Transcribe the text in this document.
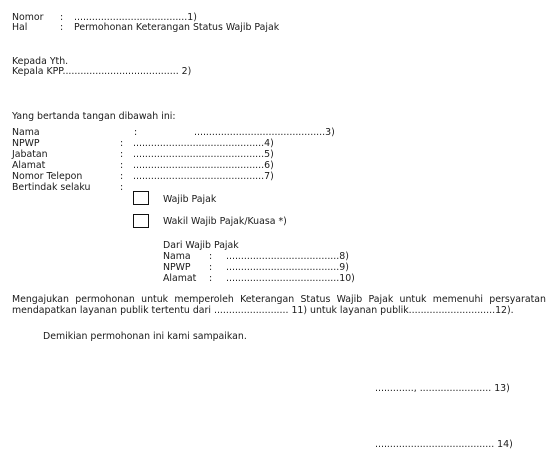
Nomor : ......................................1)
Hal	: Permohonan Keterangan Status Wajib Pajak
Kepada Yth.
Kepala KPP....................................... 2)
Yang bertanda tangan dibawah ini:
Nama	:	............................................3)
NPWP	: ............................................4)
Jabatan	: ............................................5)
Alamat	: ............................................6)
Nomor Telepon	: ............................................7)
Bertindak selaku	:
Wajib Pajak
Wakil Wajib Pajak/Kuasa *)
Dari Wajib Pajak
Nama : ......................................8)
NPWP : ......................................9)
Alamat : ......................................10)
Mengajukan permohonan untuk memperoleh Keterangan Status Wajib Pajak untuk memenuhi persyaratan
mendapatkan layanan publik tertentu dari ......................... 11) untuk layanan publik.............................12).
Demikian permohonan ini kami sampaikan.
............., ........................ 13)
........................................ 14)
